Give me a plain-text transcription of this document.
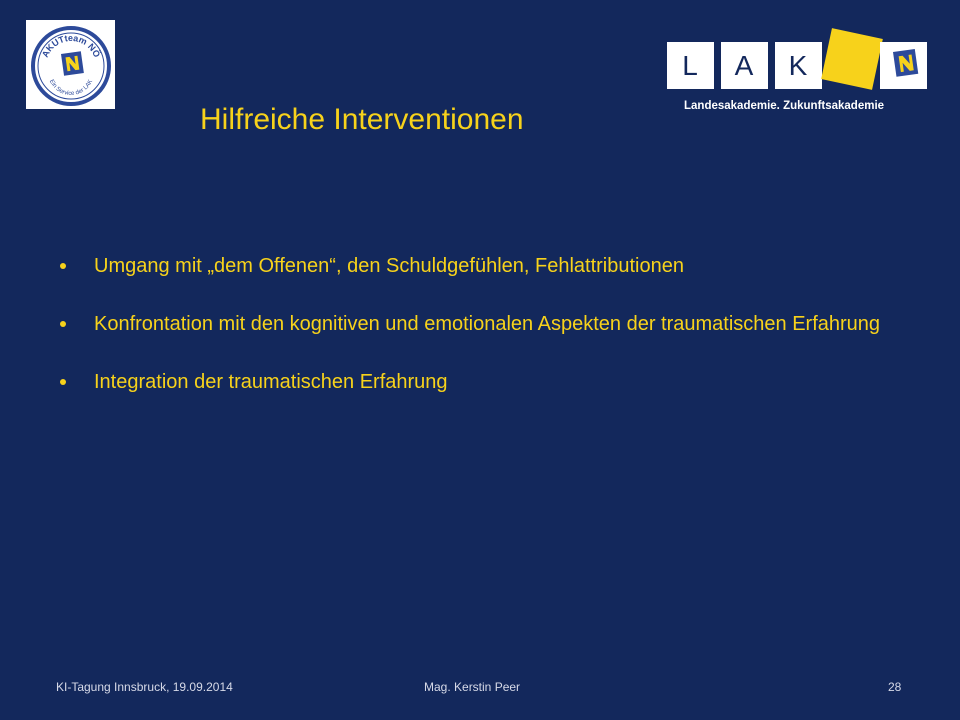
AKUTteam NÖ
Ein Service der LAK
L	A	K
Landesakademie. Zukunftsakademie
Hilfreiche Interventionen
Umgang mit „dem Offenen“, den Schuldgefühlen, Fehlattributionen
Konfrontation mit den kognitiven und emotionalen Aspekten der traumatischen Erfahrung
Integration der traumatischen Erfahrung
KI-Tagung Innsbruck, 19.09.2014	Mag. Kerstin Peer	28
